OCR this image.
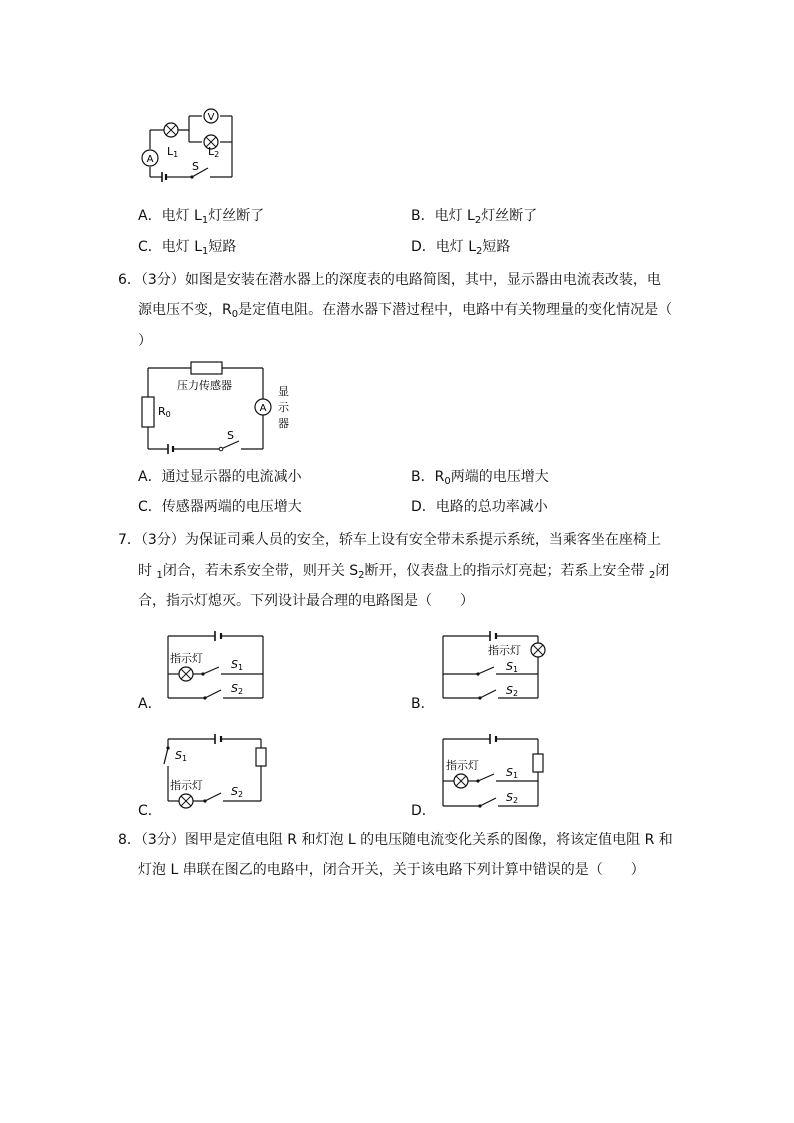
V
A
L1	L2
S
A．电灯 $L_1$灯丝断了	B．电灯 $L_2$灯丝断了
C．电灯 $L_1$短路	D．电灯 $L_2$短路
6．（3分）如图是安装在潜水器上的深度表的电路简图，其中，显示器由电流表改装，电
源电压不变，$R_0$是定值电阻。在潜水器下潜过程中，电路中有关物理量的变化情况是（
）
压力传感器
R0
A
显
示
器
S
A．通过显示器的电流减小	B．$R_0$两端的电压增大
C．传感器两端的电压增大	D．电路的总功率减小
7．（3分）为保证司乘人员的安全，轿车上设有安全带未系提示系统，当乘客坐在座椅上
时 $_1$闭合，若未系安全带，则开关 $S_2$断开，仪表盘上的指示灯亮起；若系上安全带 $_2$闭
合，指示灯熄灭。下列设计最合理的电路图是（　　）
指示灯	S1
S2
A．
指示灯
S1
S2
B．
指示灯
S1
S2
C．
指示灯
S1
S2
D．
8．（3分）图甲是定值电阻 R 和灯泡 L 的电压随电流变化关系的图像，将该定值电阻 R 和
灯泡 L 串联在图乙的电路中，闭合开关，关于该电路下列计算中错误的是（　　）
